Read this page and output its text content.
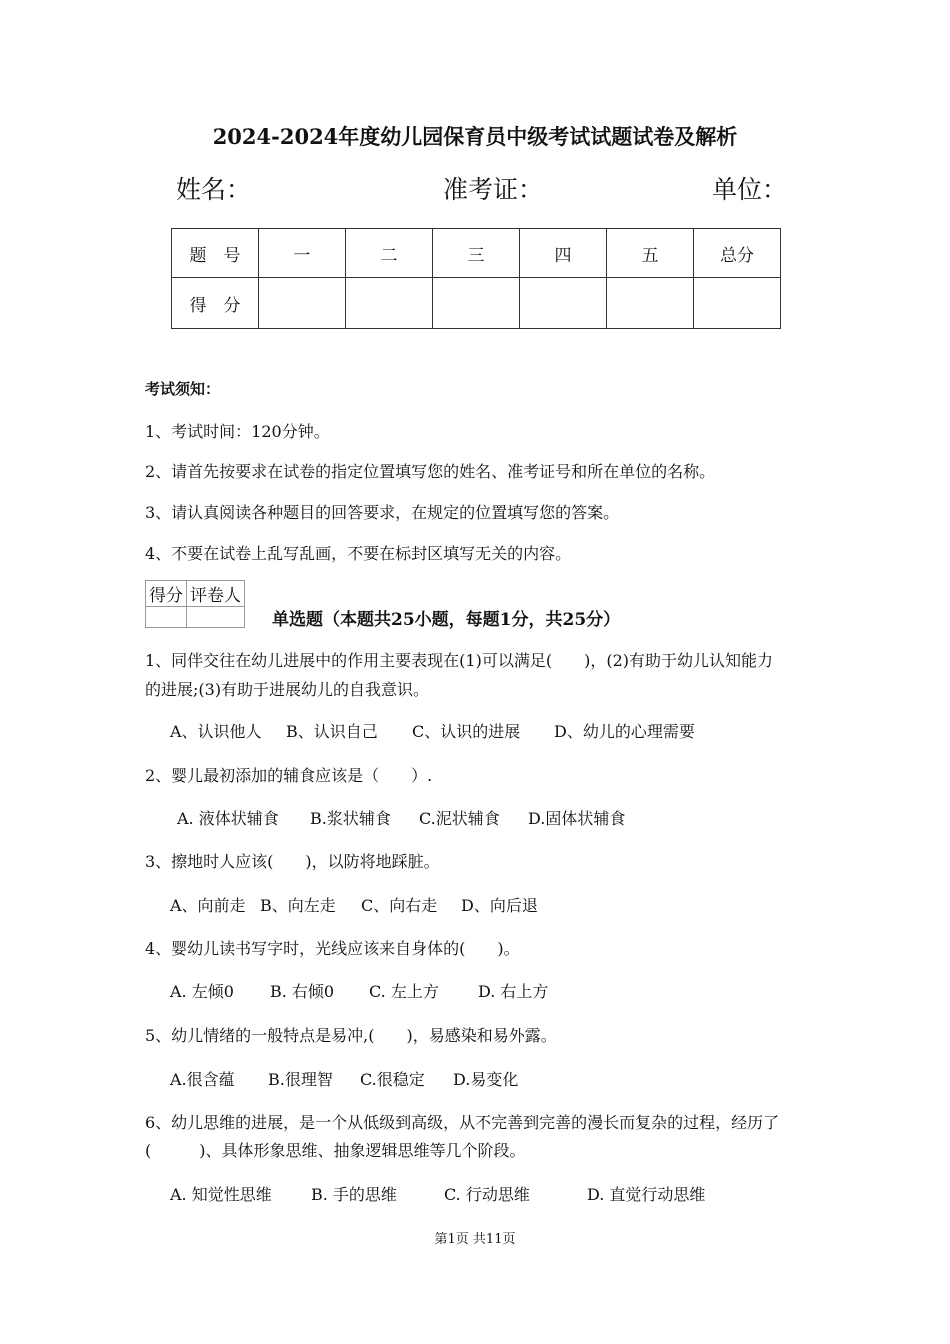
2024-2024年度幼儿园保育员中级考试试题试卷及解析
姓名：	准考证：	单位：
题　号	一	二	三	四	五	总分
得　分						
考试须知：
1、考试时间：120分钟。
2、请首先按要求在试卷的指定位置填写您的姓名、准考证号和所在单位的名称。
3、请认真阅读各种题目的回答要求，在规定的位置填写您的答案。
4、不要在试卷上乱写乱画，不要在标封区填写无关的内容。
得分	评卷人

单选题（本题共25小题，每题1分，共25分）
1、同伴交往在幼儿进展中的作用主要表现在(1)可以满足(　　)，(2)有助于幼儿认知能力
的进展;(3)有助于进展幼儿的自我意识。
A、认识他人 B、认识自己 C、认识的进展 D、幼儿的心理需要
2、婴儿最初添加的辅食应该是（　　）.
A. 液体状辅食 B.浆状辅食 C.泥状辅食 D.固体状辅食
3、擦地时人应该(　　)，以防将地踩脏。
A、向前走 B、向左走 C、向右走 D、向后退
4、婴幼儿读书写字时，光线应该来自身体的(　　)。
A. 左倾0 B. 右倾0 C. 左上方 D. 右上方
5、幼儿情绪的一般特点是易冲,(　　)，易感染和易外露。
A.很含蕴 B.很理智 C.很稳定 D.易变化
6、幼儿思维的进展，是一个从低级到高级，从不完善到完善的漫长而复杂的过程，经历了
(　　　)、具体形象思维、抽象逻辑思维等几个阶段。
A. 知觉性思维 B. 手的思维	C. 行动思维	D. 直觉行动思维
第1页 共11页
